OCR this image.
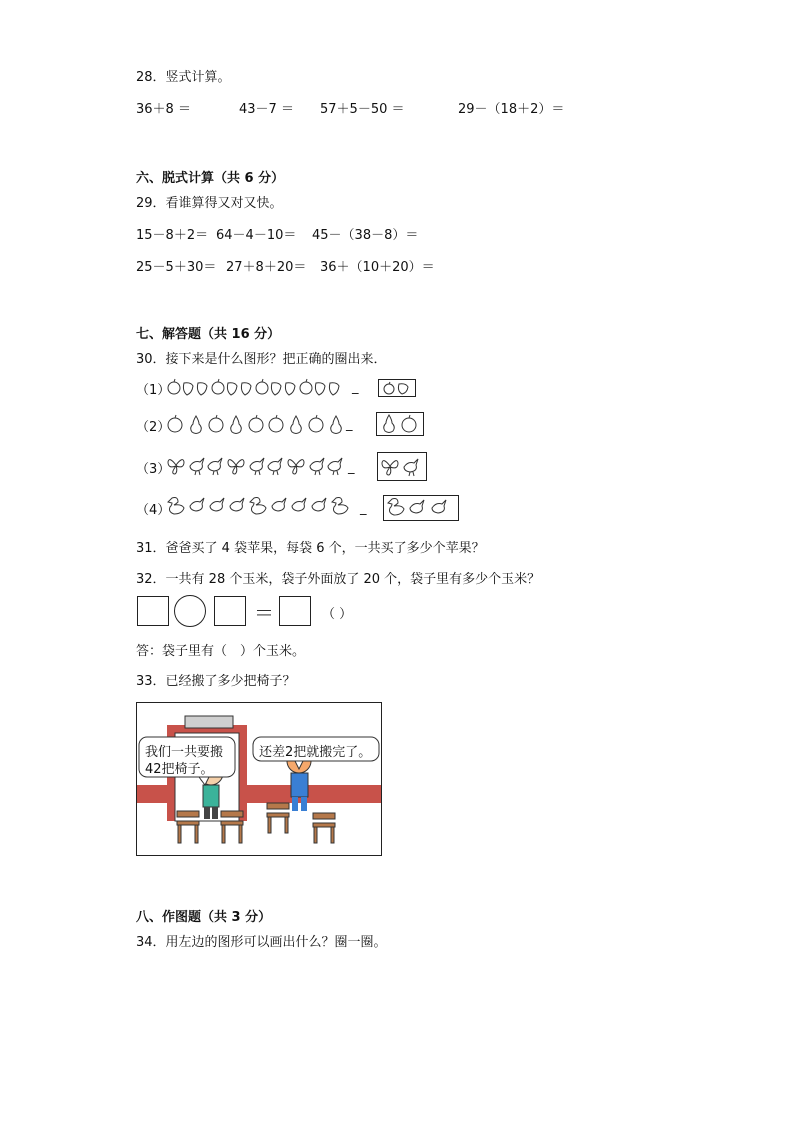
28．竖式计算。
36＋8 ＝	43－7 ＝ 57＋5－50 ＝	29－（18＋2）＝
六、脱式计算（共 6 分）
29．看谁算得又对又快。
15－8＋2＝ 64－4－10＝ 45－（38－8）＝
25－5＋30＝ 27＋8＋20＝ 36＋（10＋20）＝
七、解答题（共 16 分）
30．接下来是什么图形？把正确的圈出来．
（1）	_
（2）	_
（3）	_
（4）	_
31．爸爸买了 4 袋苹果，每袋 6 个，一共买了多少个苹果？
32．一共有 28 个玉米，袋子外面放了 20 个，袋子里有多少个玉米？
＝	（ ）
答：袋子里有（　）个玉米。
33．已经搬了多少把椅子？
我们一共要搬
42把椅子。
还差2把就搬完了。
八、作图题（共 3 分）
34．用左边的图形可以画出什么？圈一圈。
